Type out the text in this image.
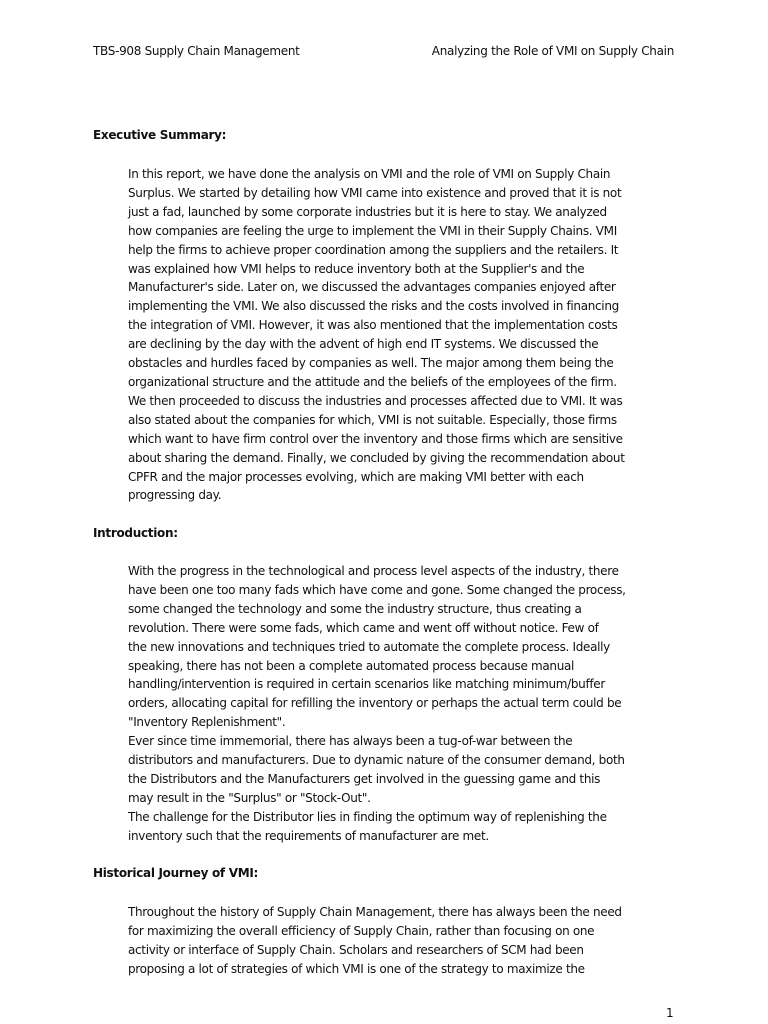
TBS-908 Supply Chain Management	Analyzing the Role of VMI on Supply Chain
Executive Summary:
In this report, we have done the analysis on VMI and the role of VMI on Supply Chain
Surplus. We started by detailing how VMI came into existence and proved that it is not
just a fad, launched by some corporate industries but it is here to stay. We analyzed
how companies are feeling the urge to implement the VMI in their Supply Chains. VMI
help the firms to achieve proper coordination among the suppliers and the retailers. It
was explained how VMI helps to reduce inventory both at the Supplier's and the
Manufacturer's side. Later on, we discussed the advantages companies enjoyed after
implementing the VMI. We also discussed the risks and the costs involved in financing
the integration of VMI. However, it was also mentioned that the implementation costs
are declining by the day with the advent of high end IT systems. We discussed the
obstacles and hurdles faced by companies as well. The major among them being the
organizational structure and the attitude and the beliefs of the employees of the firm.
We then proceeded to discuss the industries and processes affected due to VMI. It was
also stated about the companies for which, VMI is not suitable. Especially, those firms
which want to have firm control over the inventory and those firms which are sensitive
about sharing the demand. Finally, we concluded by giving the recommendation about
CPFR and the major processes evolving, which are making VMI better with each
progressing day.
Introduction:
With the progress in the technological and process level aspects of the industry, there
have been one too many fads which have come and gone. Some changed the process,
some changed the technology and some the industry structure, thus creating a
revolution. There were some fads, which came and went off without notice. Few of
the new innovations and techniques tried to automate the complete process. Ideally
speaking, there has not been a complete automated process because manual
handling/intervention is required in certain scenarios like matching minimum/buffer
orders, allocating capital for refilling the inventory or perhaps the actual term could be
"Inventory Replenishment".
Ever since time immemorial, there has always been a tug-of-war between the
distributors and manufacturers. Due to dynamic nature of the consumer demand, both
the Distributors and the Manufacturers get involved in the guessing game and this
may result in the "Surplus" or "Stock-Out".
The challenge for the Distributor lies in finding the optimum way of replenishing the
inventory such that the requirements of manufacturer are met.
Historical Journey of VMI:
Throughout the history of Supply Chain Management, there has always been the need
for maximizing the overall efficiency of Supply Chain, rather than focusing on one
activity or interface of Supply Chain. Scholars and researchers of SCM had been
proposing a lot of strategies of which VMI is one of the strategy to maximize the
1
